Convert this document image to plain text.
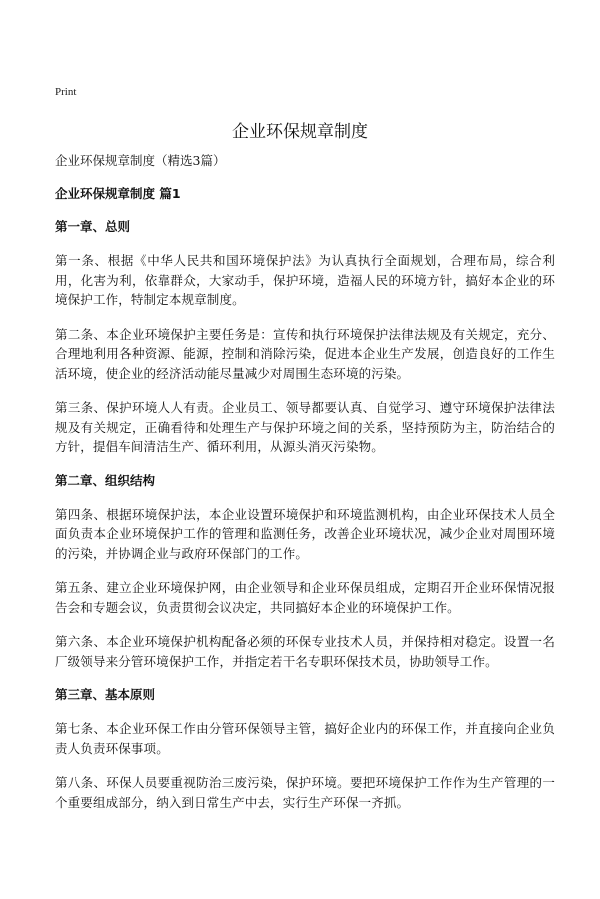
Print
企业环保规章制度

企业环保规章制度（精选3篇）

企业环保规章制度 篇1

第一章、总则

第一条、根据《中华人民共和国环境保护法》为认真执行全面规划，合理布局，综合利用，化害为利，依靠群众，大家动手，保护环境，造福人民的环境方针，搞好本企业的环境保护工作，特制定本规章制度。

第二条、本企业环境保护主要任务是：宣传和执行环境保护法律法规及有关规定，充分、合理地利用各种资源、能源，控制和消除污染，促进本企业生产发展，创造良好的工作生活环境，使企业的经济活动能尽量减少对周围生态环境的污染。

第三条、保护环境人人有责。企业员工、领导都要认真、自觉学习、遵守环境保护法律法规及有关规定，正确看待和处理生产与保护环境之间的关系，坚持预防为主，防治结合的方针，提倡车间清洁生产、循环利用，从源头消灭污染物。

第二章、组织结构

第四条、根据环境保护法，本企业设置环境保护和环境监测机构，由企业环保技术人员全面负责本企业环境保护工作的管理和监测任务，改善企业环境状况，减少企业对周围环境的污染，并协调企业与政府环保部门的工作。

第五条、建立企业环境保护网，由企业领导和企业环保员组成，定期召开企业环保情况报告会和专题会议，负责贯彻会议决定，共同搞好本企业的环境保护工作。

第六条、本企业环境保护机构配备必须的环保专业技术人员，并保持相对稳定。设置一名厂级领导来分管环境保护工作，并指定若干名专职环保技术员，协助领导工作。

第三章、基本原则

第七条、本企业环保工作由分管环保领导主管，搞好企业内的环保工作，并直接向企业负责人负责环保事项。

第八条、环保人员要重视防治三废污染，保护环境。要把环境保护工作作为生产管理的一个重要组成部分，纳入到日常生产中去，实行生产环保一齐抓。
